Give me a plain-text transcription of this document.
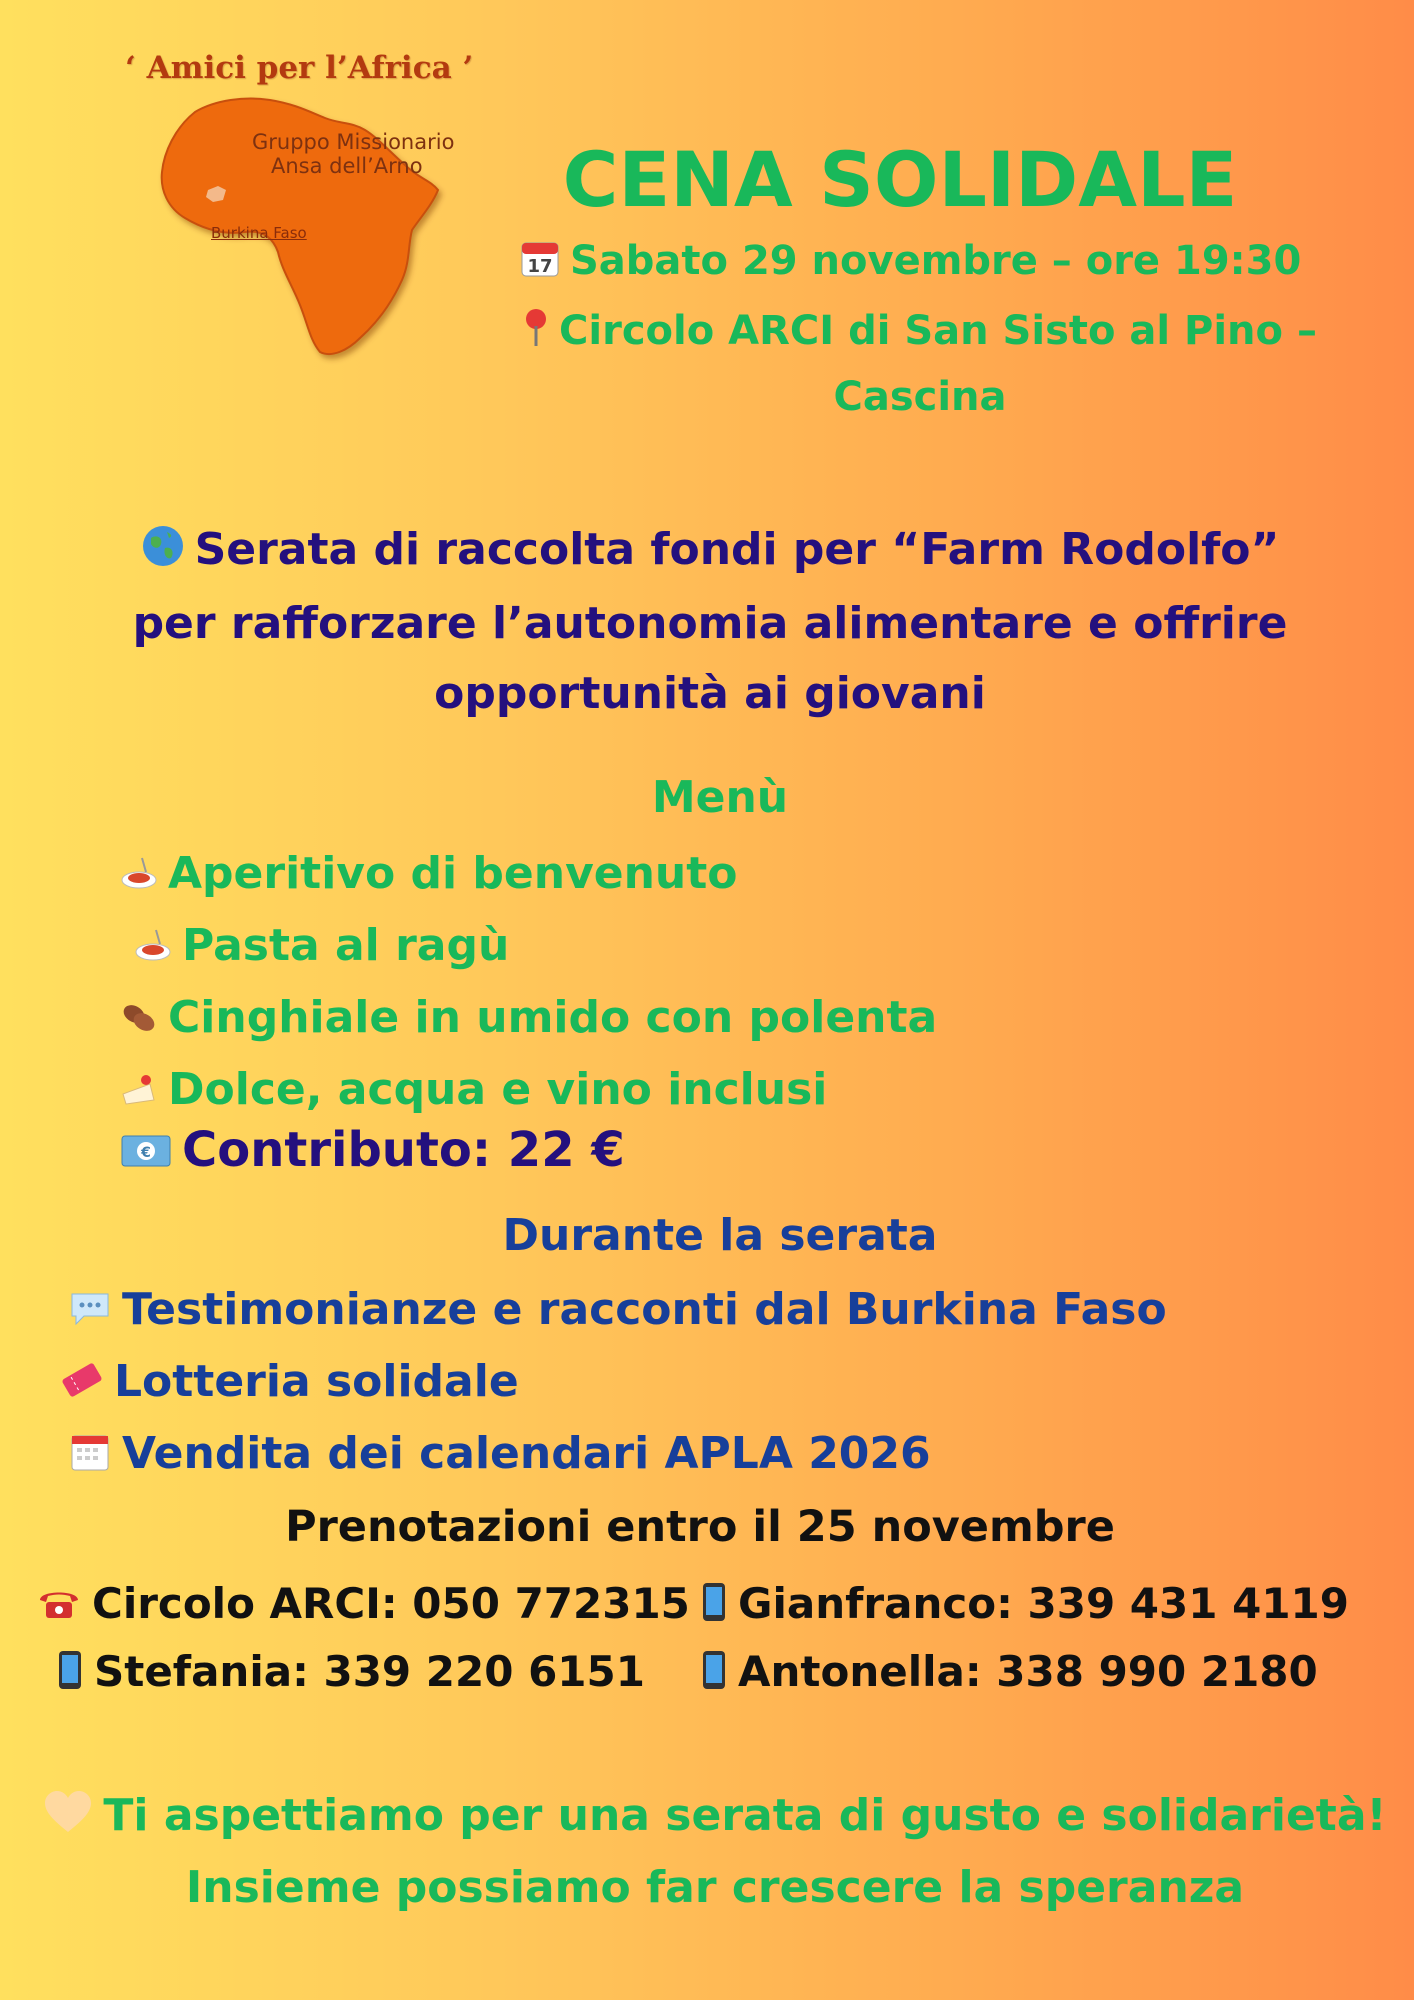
‘ Amici per l’Africa ’
Gruppo Missionario
Ansa dell’Arno
Burkina Faso
CENA SOLIDALE
17 Sabato 29 novembre – ore 19:30
Circolo ARCI di San Sisto al Pino –
Cascina
Serata di raccolta fondi per “Farm Rodolfo”
per rafforzare l’autonomia alimentare e offrire
opportunità ai giovani
Menù
Aperitivo di benvenuto
Pasta al ragù
Cinghiale in umido con polenta
Dolce, acqua e vino inclusi
€ Contributo: 22 €
Durante la serata
Testimonianze e racconti dal Burkina Faso
Lotteria solidale
Vendita dei calendari APLA 2026
Prenotazioni entro il 25 novembre
Circolo ARCI: 050 772315	Gianfranco: 339 431 4119
Stefania: 339 220 6151	Antonella: 338 990 2180
Ti aspettiamo per una serata di gusto e solidarietà!
Insieme possiamo far crescere la speranza
